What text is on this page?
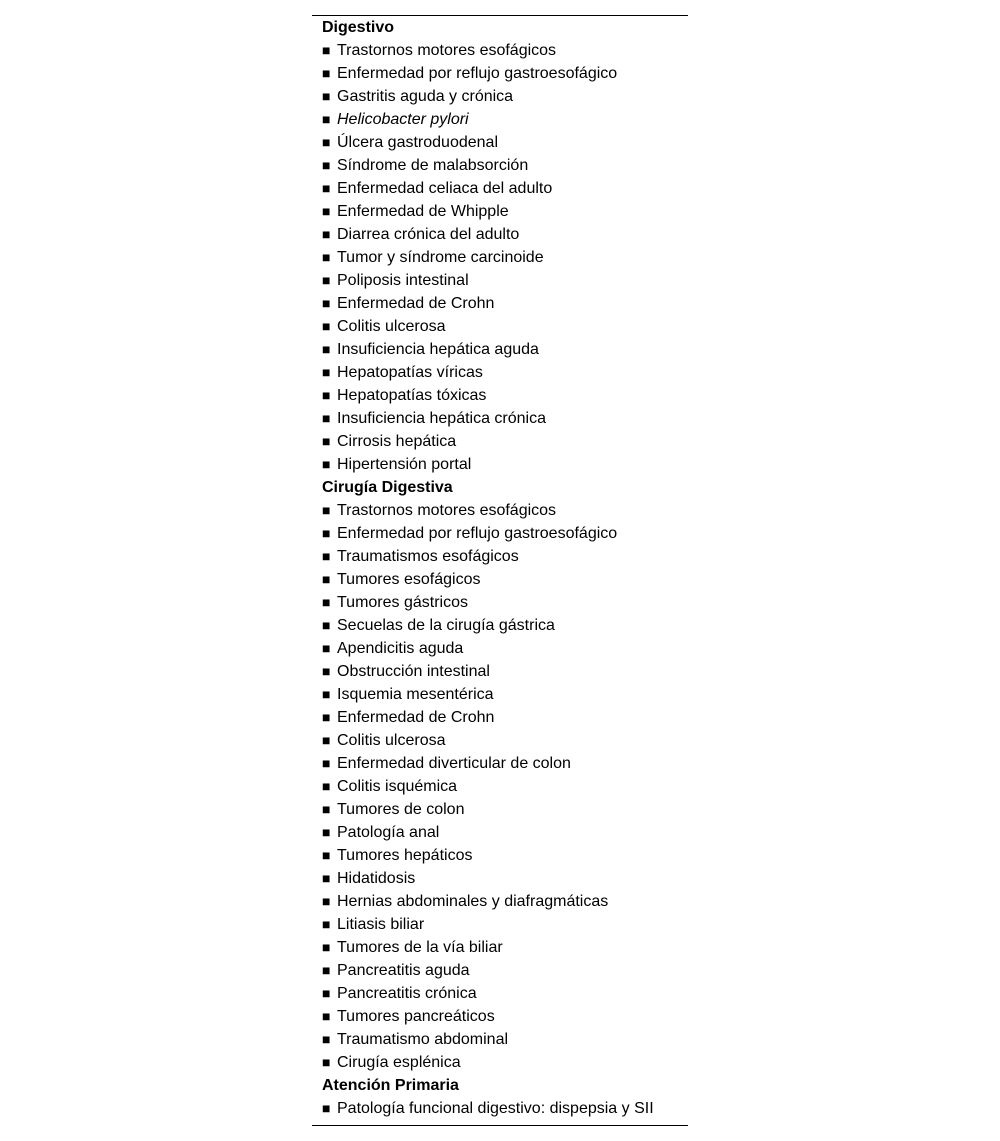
Digestivo
■ Trastornos motores esofágicos
■ Enfermedad por reflujo gastroesofágico
■ Gastritis aguda y crónica
■ Helicobacter pylori
■ Úlcera gastroduodenal
■ Síndrome de malabsorción
■ Enfermedad celiaca del adulto
■ Enfermedad de Whipple
■ Diarrea crónica del adulto
■ Tumor y síndrome carcinoide
■ Poliposis intestinal
■ Enfermedad de Crohn
■ Colitis ulcerosa
■ Insuficiencia hepática aguda
■ Hepatopatías víricas
■ Hepatopatías tóxicas
■ Insuficiencia hepática crónica
■ Cirrosis hepática
■ Hipertensión portal
Cirugía Digestiva
■ Trastornos motores esofágicos
■ Enfermedad por reflujo gastroesofágico
■ Traumatismos esofágicos
■ Tumores esofágicos
■ Tumores gástricos
■ Secuelas de la cirugía gástrica
■ Apendicitis aguda
■ Obstrucción intestinal
■ Isquemia mesentérica
■ Enfermedad de Crohn
■ Colitis ulcerosa
■ Enfermedad diverticular de colon
■ Colitis isquémica
■ Tumores de colon
■ Patología anal
■ Tumores hepáticos
■ Hidatidosis
■ Hernias abdominales y diafragmáticas
■ Litiasis biliar
■ Tumores de la vía biliar
■ Pancreatitis aguda
■ Pancreatitis crónica
■ Tumores pancreáticos
■ Traumatismo abdominal
■ Cirugía esplénica
Atención Primaria
■ Patología funcional digestivo: dispepsia y SII
